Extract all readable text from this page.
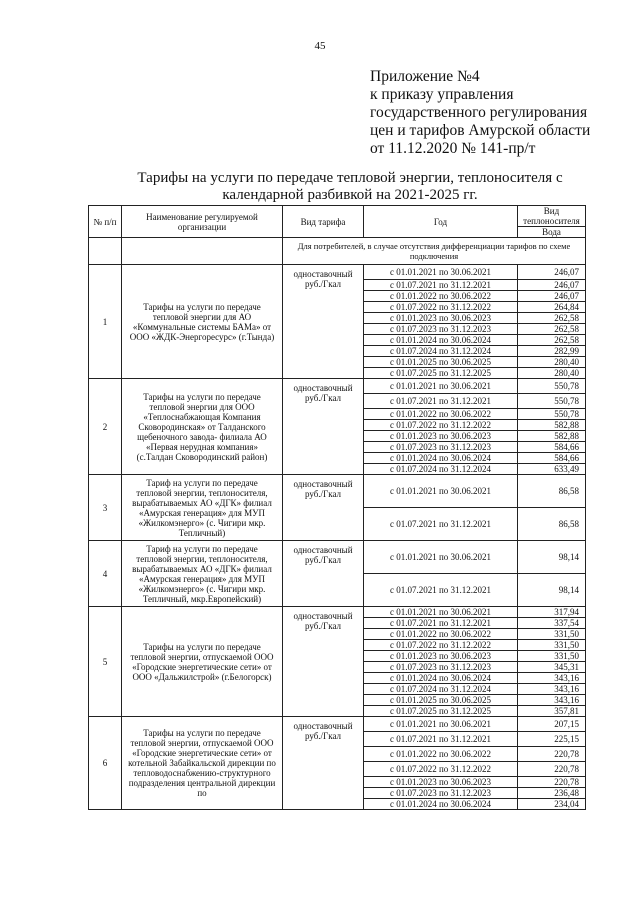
45
Приложение №4
к приказу управления
государственного регулирования
цен и тарифов Амурской области
от 11.12.2020 № 141-пр/т
Тарифы на услуги по передаче тепловой энергии, теплоносителя с календарной разбивкой на 2021-2025 гг.
№ п/п	Наименование регулируемой организации	Вид тарифа	Год	Вид теплоносителя
				Вода
		Для потребителей, в случае отсутствия дифференциации тарифов по схеме подключения		
1	Тарифы на услуги по передаче тепловой энергии для АО «Коммунальные системы БАМа» от ООО «ЖДК-Энергоресурс» (г.Тында)	одноставочный руб./Гкал	с 01.01.2021 по 30.06.2021	246,07
			с 01.07.2021 по 31.12.2021	246,07
			с 01.01.2022 по 30.06.2022	246,07
			с 01.07.2022 по 31.12.2022	264,84
			с 01.01.2023 по 30.06.2023	262,58
			с 01.07.2023 по 31.12.2023	262,58
			с 01.01.2024 по 30.06.2024	262,58
			с 01.07.2024 по 31.12.2024	282,99
			с 01.01.2025 по 30.06.2025	280,40
			с 01.07.2025 по 31.12.2025	280,40
2	Тарифы на услуги по передаче тепловой энергии для ООО «Теплоснабжающая Компания Сковородинская» от Талданского щебеночного завода- филиала АО «Первая нерудная компания» (с.Талдан Сковородинский район)	одноставочный руб./Гкал	с 01.01.2021 по 30.06.2021	550,78
			с 01.07.2021 по 31.12.2021	550,78
			с 01.01.2022 по 30.06.2022	550,78
			с 01.07.2022 по 31.12.2022	582,88
			с 01.01.2023 по 30.06.2023	582,88
			с 01.07.2023 по 31.12.2023	584,66
			с 01.01.2024 по 30.06.2024	584,66
			с 01.07.2024 по 31.12.2024	633,49
3	Тариф на услуги по передаче тепловой энергии, теплоносителя, вырабатываемых АО «ДГК» филиал «Амурская генерация» для МУП «Жилкомэнерго» (с. Чигири мкр. Тепличный)	одноставочный руб./Гкал	с 01.01.2021 по 30.06.2021	86,58
			с 01.07.2021 по 31.12.2021	86,58
4	Тариф на услуги по передаче тепловой энергии, теплоносителя, вырабатываемых АО «ДГК» филиал «Амурская генерация» для МУП «Жилкомэнерго» (с. Чигири мкр. Тепличный, мкр.Европейский)	одноставочный руб./Гкал	с 01.01.2021 по 30.06.2021	98,14
			с 01.07.2021 по 31.12.2021	98,14
5	Тарифы на услуги по передаче тепловой энергии, отпускаемой ООО «Городские энергетические сети» от ООО «Дальжилстрой» (г.Белогорск)	одноставочный руб./Гкал	с 01.01.2021 по 30.06.2021	317,94
			с 01.07.2021 по 31.12.2021	337,54
			с 01.01.2022 по 30.06.2022	331,50
			с 01.07.2022 по 31.12.2022	331,50
			с 01.01.2023 по 30.06.2023	331,50
			с 01.07.2023 по 31.12.2023	345,31
			с 01.01.2024 по 30.06.2024	343,16
			с 01.07.2024 по 31.12.2024	343,16
			с 01.01.2025 по 30.06.2025	343,16
			с 01.07.2025 по 31.12.2025	357,81
6	Тарифы на услуги по передаче тепловой энергии, отпускаемой ООО «Городские энергетические сети» от котельной Забайкальской дирекции по тепловодоснабжению-структурного подразделения центральной дирекции по	одноставочный руб./Гкал	с 01.01.2021 по 30.06.2021	207,15
			с 01.07.2021 по 31.12.2021	225,15
			с 01.01.2022 по 30.06.2022	220,78
			с 01.07.2022 по 31.12.2022	220,78
			с 01.01.2023 по 30.06.2023	220,78
			с 01.07.2023 по 31.12.2023	236,48
			с 01.01.2024 по 30.06.2024	234,04
